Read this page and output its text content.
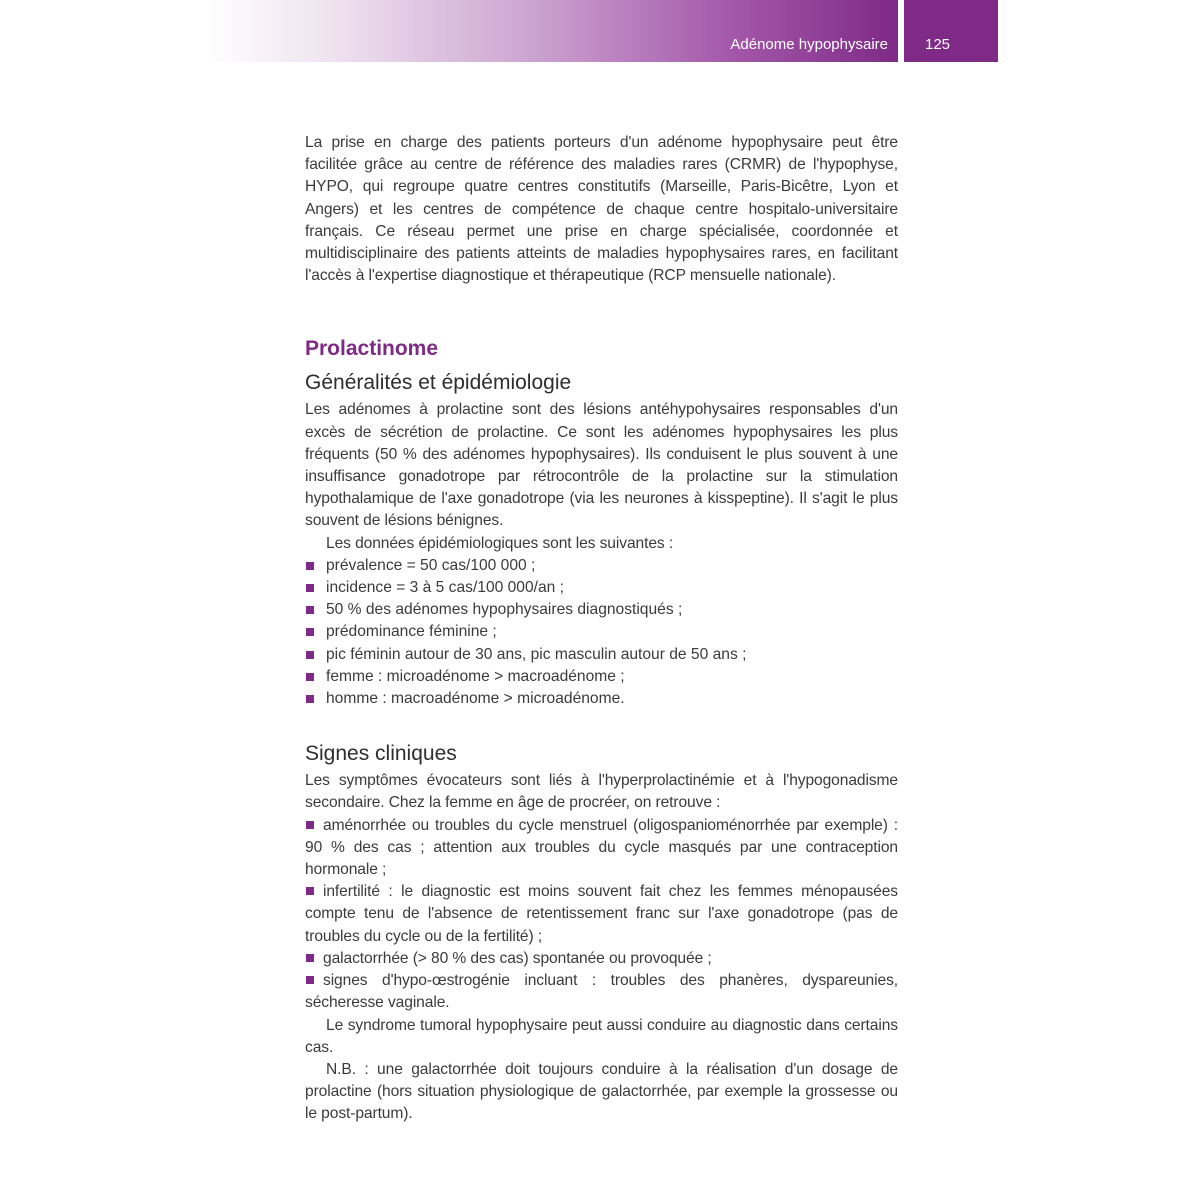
Adénome hypophysaire 125

La prise en charge des patients porteurs d'un adénome hypophysaire peut être facilitée grâce au centre de référence des maladies rares (CRMR) de l'hypophyse, HYPO, qui regroupe quatre centres constitutifs (Marseille, Paris-Bicêtre, Lyon et Angers) et les centres de compétence de chaque centre hospitalo-universitaire français. Ce réseau permet une prise en charge spécialisée, coordonnée et multidisciplinaire des patients atteints de maladies hypophysaires rares, en facilitant l'accès à l'expertise diagnostique et thérapeutique (RCP mensuelle nationale).

Prolactinome
Généralités et épidémiologie

Les adénomes à prolactine sont des lésions antéhypohysaires responsables d'un excès de sécrétion de prolactine. Ce sont les adénomes hypophysaires les plus fréquents (50 % des adénomes hypophysaires). Ils conduisent le plus souvent à une insuffisance gonadotrope par rétrocontrôle de la prolactine sur la stimulation hypothalamique de l'axe gonadotrope (via les neurones à kisspeptine). Il s'agit le plus souvent de lésions bénignes.

Les données épidémiologiques sont les suivantes :

prévalence = 50 cas/100 000 ;
incidence = 3 à 5 cas/100 000/an ;
50 % des adénomes hypophysaires diagnostiqués ;
prédominance féminine ;
pic féminin autour de 30 ans, pic masculin autour de 50 ans ;
femme : microadénome > macroadénome ;
homme : macroadénome > microadénome.
Signes cliniques

Les symptômes évocateurs sont liés à l'hyperprolactinémie et à l'hypogonadisme secondaire. Chez la femme en âge de procréer, on retrouve :

aménorrhée ou troubles du cycle menstruel (oligospanioménorrhée par exemple) : 90 % des cas ; attention aux troubles du cycle masqués par une contraception hormonale ;

infertilité : le diagnostic est moins souvent fait chez les femmes ménopausées compte tenu de l'absence de retentissement franc sur l'axe gonadotrope (pas de troubles du cycle ou de la fertilité) ;

galactorrhée (> 80 % des cas) spontanée ou provoquée ;

signes d'hypo-œstrogénie incluant : troubles des phanères, dyspareunies, sécheresse vaginale.

Le syndrome tumoral hypophysaire peut aussi conduire au diagnostic dans certains cas.

N.B. : une galactorrhée doit toujours conduire à la réalisation d'un dosage de prolactine (hors situation physiologique de galactorrhée, par exemple la grossesse ou le post-partum).
